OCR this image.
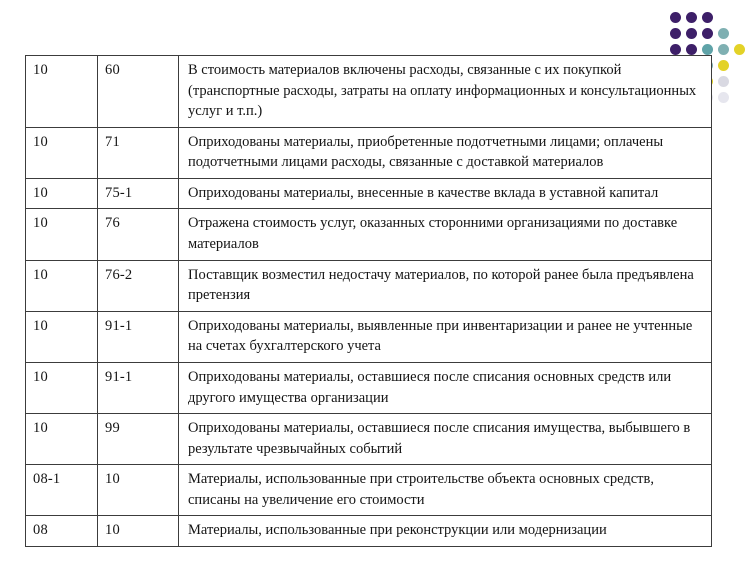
10	60	В стоимость материалов включены расходы, связанные с их покупкой (транспортные расходы, затраты на оплату информационных и консультационных услуг и т.п.)
10	71	Оприходованы материалы, приобретенные подотчетными лицами; оплачены подотчетными лицами расходы, связанные с доставкой материалов
10	75-1	Оприходованы материалы, внесенные в качестве вклада в уставной капитал
10	76	Отражена стоимость услуг, оказанных сторонними организациями по доставке материалов
10	76-2	Поставщик возместил недостачу материалов, по которой ранее была предъявлена претензия
10	91-1	Оприходованы материалы, выявленные при инвентаризации и ранее не учтенные на счетах бухгалтерского учета
10	91-1	Оприходованы материалы, оставшиеся после списания основных средств или другого имущества организации
10	99	Оприходованы материалы, оставшиеся после списания имущества, выбывшего в результате чрезвычайных событий
08-1	10	Материалы, использованные при строительстве объекта основных средств, списаны на увеличение его стоимости
08	10	Материалы, использованные при реконструкции или модернизации
